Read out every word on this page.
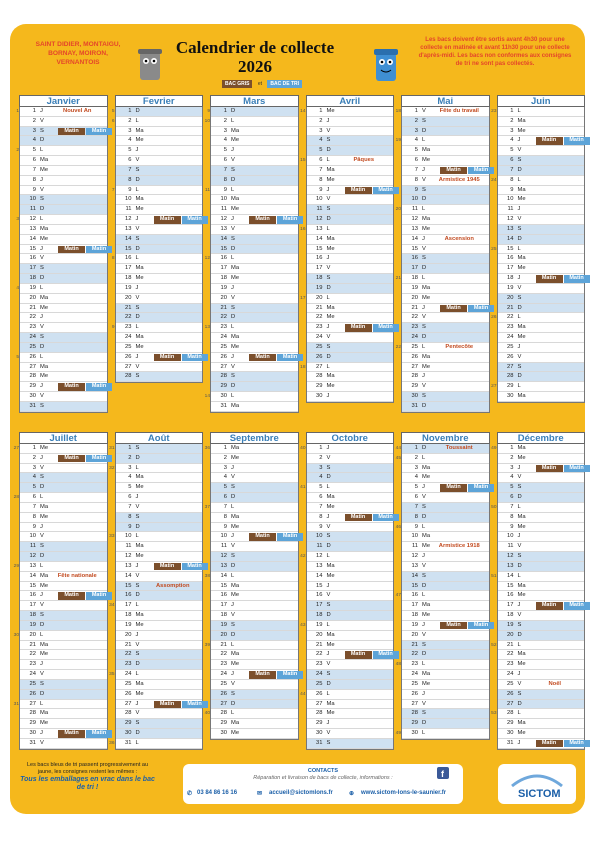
SAINT DIDIER, MONTAIGU,
BORNAY, MOIRON,
VERNANTOIS
Calendrier de collecte
2026
BAC GRIS et BAC DE TRI
Les bacs doivent être sortis avant 4h30 pour une collecte en matinée et avant 11h30 pour une collecte d'après-midi. Les bacs non conformes aux consignes de tri ne sont pas collectés.
Janvier
1	1 J	Nouvel An
2 V
3 S	Matin	Matin
4 D
2	5 L
6 Ma
7 Me
8 J
9 V
10 S
11 D
3	12 L
13 Ma
14 Me
15 J	Matin	Matin
16 V
17 S
18 D
4	19 L
20 Ma
21 Me
22 J
23 V
24 S
25 D
5	26 L
27 Ma
28 Me
29 J	Matin	Matin
30 V
31 S
Fevrier
5	1 D
6	2 L
3 Ma
4 Me
5 J
6 V
7 S
8 D
7	9 L
10 Ma
11 Me
12 J	Matin	Matin
13 V
14 S
15 D
8	16 L
17 Ma
18 Me
19 J
20 V
21 S
22 D
9	23 L
24 Ma
25 Me
26 J	Matin	Matin
27 V
28 S
Mars
9	1 D
10	2 L
3 Ma
4 Me
5 J
6 V
7 S
8 D
11	9 L
10 Ma
11 Me
12 J	Matin	Matin
13 V
14 S
15 D
12	16 L
17 Ma
18 Me
19 J
20 V
21 S
22 D
13	23 L
24 Ma
25 Me
26 J	Matin	Matin
27 V
28 S
29 D
14	30 L
31 Ma
Avril
14	1 Me
2 J
3 V
4 S
5 D
15	6 L	Pâques
7 Ma
8 Me
9 J	Matin	Matin
10 V
11 S
12 D
16	13 L
14 Ma
15 Me
16 J
17 V
18 S
19 D
17	20 L
21 Ma
22 Me
23 J	Matin	Matin
24 V
25 S
26 D
18	27 L
28 Ma
29 Me
30 J
Mai
18	1 V	Fête du travail
2 S
3 D
19	4 L
5 Ma
6 Me
7 J	Matin	Matin
8 V	Armistice 1945
9 S
10 D
20	11 L
12 Ma
13 Me
14 J	Ascension
15 V
16 S
17 D
21	18 L
19 Ma
20 Me
21 J	Matin	Matin
22 V
23 S
24 D
22	25 L	Pentecôte
26 Ma
27 Me
28 J
29 V
30 S
31 D
Juin
23	1 L
2 Ma
3 Me
4 J	Matin	Matin
5 V
6 S
7 D
24	8 L
9 Ma
10 Me
11 J
12 V
13 S
14 D
25	15 L
16 Ma
17 Me
18 J	Matin	Matin
19 V
20 S
21 D
26	22 L
23 Ma
24 Me
25 J
26 V
27 S
28 D
27	29 L
30 Ma
Juillet
27	1 Me
2 J	Matin	Matin
3 V
4 S
5 D
28	6 L
7 Ma
8 Me
9 J
10 V
11 S
12 D
29	13 L
14 Ma	Fête nationale
15 Me
16 J	Matin	Matin
17 V
18 S
19 D
30	20 L
21 Ma
22 Me
23 J
24 V
25 S
26 D
31	27 L
28 Ma
29 Me
30 J	Matin	Matin
31 V
Août
31	1 S
2 D
32	3 L
4 Ma
5 Me
6 J
7 V
8 S
9 D
33	10 L
11 Ma
12 Me
13 J	Matin	Matin
14 V
15 S	Assomption
16 D
34	17 L
18 Ma
19 Me
20 J
21 V
22 S
23 D
35	24 L
25 Ma
26 Me
27 J	Matin	Matin
28 V
29 S
30 D
36	31 L
Septembre
36	1 Ma
2 Me
3 J
4 V
5 S
6 D
37	7 L
8 Ma
9 Me
10 J	Matin	Matin
11 V
12 S
13 D
38	14 L
15 Ma
16 Me
17 J
18 V
19 S
20 D
39	21 L
22 Ma
23 Me
24 J	Matin	Matin
25 V
26 S
27 D
40	28 L
29 Ma
30 Me
Octobre
40	1 J
2 V
3 S
4 D
41	5 L
6 Ma
7 Me
8 J	Matin	Matin
9 V
10 S
11 D
42	12 L
13 Ma
14 Me
15 J
16 V
17 S
18 D
43	19 L
20 Ma
21 Me
22 J	Matin	Matin
23 V
24 S
25 D
44	26 L
27 Ma
28 Me
29 J
30 V
31 S
Novembre
44	1 D	Toussaint
45	2 L
3 Ma
4 Me
5 J	Matin	Matin
6 V
7 S
8 D
46	9 L
10 Ma
11 Me	Armistice 1918
12 J
13 V
14 S
15 D
47	16 L
17 Ma
18 Me
19 J	Matin	Matin
20 V
21 S
22 D
48	23 L
24 Ma
25 Me
26 J
27 V
28 S
29 D
49	30 L
Décembre
49	1 Ma
2 Me
3 J	Matin	Matin
4 V
5 S
6 D
50	7 L
8 Ma
9 Me
10 J
11 V
12 S
13 D
51	14 L
15 Ma
16 Me
17 J	Matin	Matin
18 V
19 S
20 D
52	21 L
22 Ma
23 Me
24 J
25 V	Noël
26 S
27 D
53	28 L
29 Ma
30 Me
31 J	Matin	Matin
Les bacs bleus de tri passent progressivement au jaune, les consignes restent les mêmes :
Tous les emballages en vrac dans le bac de tri !
CONTACTS
Réparation et livraison de bacs de collecte, informations :	f
✆ 03 84 86 16 16	✉ accueil@sictomlons.fr	⊕ www.sictom-lons-le-saunier.fr	SICTOM
